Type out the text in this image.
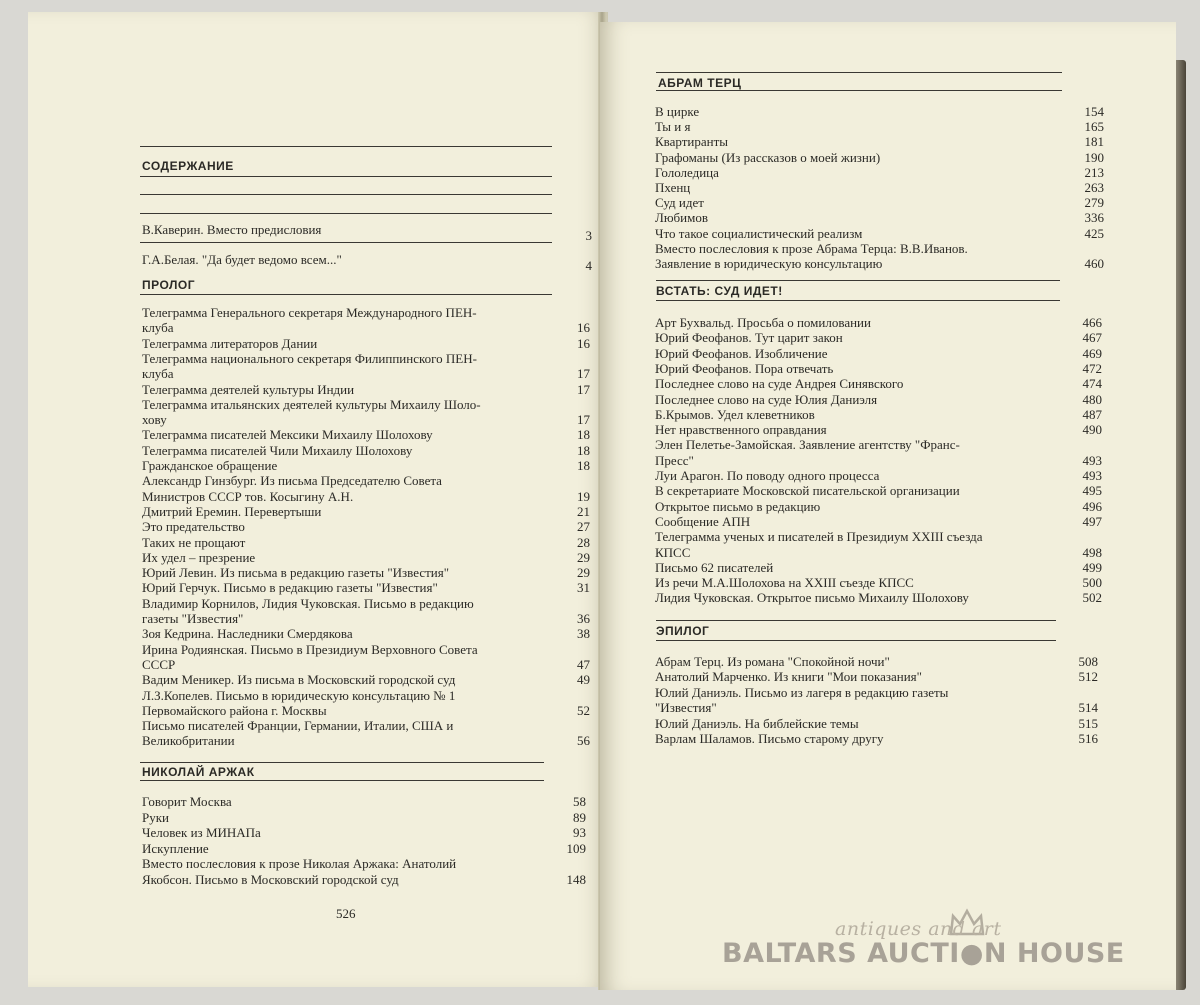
СОДЕРЖАНИЕ
В.Каверин. Вместо предисловия	3
Г.А.Белая. "Да будет ведомо всем..."	4
ПРОЛОГ
Телеграмма Генерального секретаря Международного ПЕН-
клуба	16
Телеграмма литераторов Дании	16
Телеграмма национального секретаря Филиппинского ПЕН-
клуба	17
Телеграмма деятелей культуры Индии	17
Телеграмма итальянских деятелей культуры Михаилу Шоло-
хову	17
Телеграмма писателей Мексики Михаилу Шолохову	18
Телеграмма писателей Чили Михаилу Шолохову	18
Гражданское обращение	18
Александр Гинзбург. Из письма Председателю Совета
Министров СССР тов. Косыгину А.Н.	19
Дмитрий Еремин. Перевертыши	21
Это предательство	27
Таких не прощают	28
Их удел – презрение	29
Юрий Левин. Из письма в редакцию газеты "Известия"	29
Юрий Герчук. Письмо в редакцию газеты "Известия"	31
Владимир Корнилов, Лидия Чуковская. Письмо в редакцию
газеты "Известия"	36
Зоя Кедрина. Наследники Смердякова	38
Ирина Родиянская. Письмо в Президиум Верховного Совета
СССР	47
Вадим Меникер. Из письма в Московский городской суд	49
Л.З.Копелев. Письмо в юридическую консультацию № 1
Первомайского района г. Москвы	52
Письмо писателей Франции, Германии, Италии, США и
Великобритании	56
НИКОЛАЙ АРЖАК
Говорит Москва	58
Руки	89
Человек из МИНАПа	93
Искупление	109
Вместо послесловия к прозе Николая Аржака: Анатолий
Якобсон. Письмо в Московский городской суд	148
526
АБРАМ ТЕРЦ
В цирке	154
Ты и я	165
Квартиранты	181
Графоманы (Из рассказов о моей жизни)	190
Гололедица	213
Пхенц	263
Суд идет	279
Любимов	336
Что такое социалистический реализм	425
Вместо послесловия к прозе Абрама Терца: В.В.Иванов.
Заявление в юридическую консультацию	460
ВСТАТЬ: СУД ИДЕТ!
Арт Бухвальд. Просьба о помиловании	466
Юрий Феофанов. Тут царит закон	467
Юрий Феофанов. Изобличение	469
Юрий Феофанов. Пора отвечать	472
Последнее слово на суде Андрея Синявского	474
Последнее слово на суде Юлия Даниэля	480
Б.Крымов. Удел клеветников	487
Нет нравственного оправдания	490
Элен Пелетье-Замойская. Заявление агентству "Франс-
Пресс"	493
Луи Арагон. По поводу одного процесса	493
В секретариате Московской писательской организации	495
Открытое письмо в редакцию	496
Сообщение АПН	497
Телеграмма ученых и писателей в Президиум XXIII съезда
КПСС	498
Письмо 62 писателей	499
Из речи М.А.Шолохова на XXIII съезде КПСС	500
Лидия Чуковская. Открытое письмо Михаилу Шолохову	502
ЭПИЛОГ
Абрам Терц. Из романа "Спокойной ночи"	508
Анатолий Марченко. Из книги "Мои показания"	512
Юлий Даниэль. Письмо из лагеря в редакцию газеты
"Известия"	514
Юлий Даниэль. На библейские темы	515
Варлам Шаламов. Письмо старому другу	516
antiques and art
BALTARS AUCTI●N HOUSE
